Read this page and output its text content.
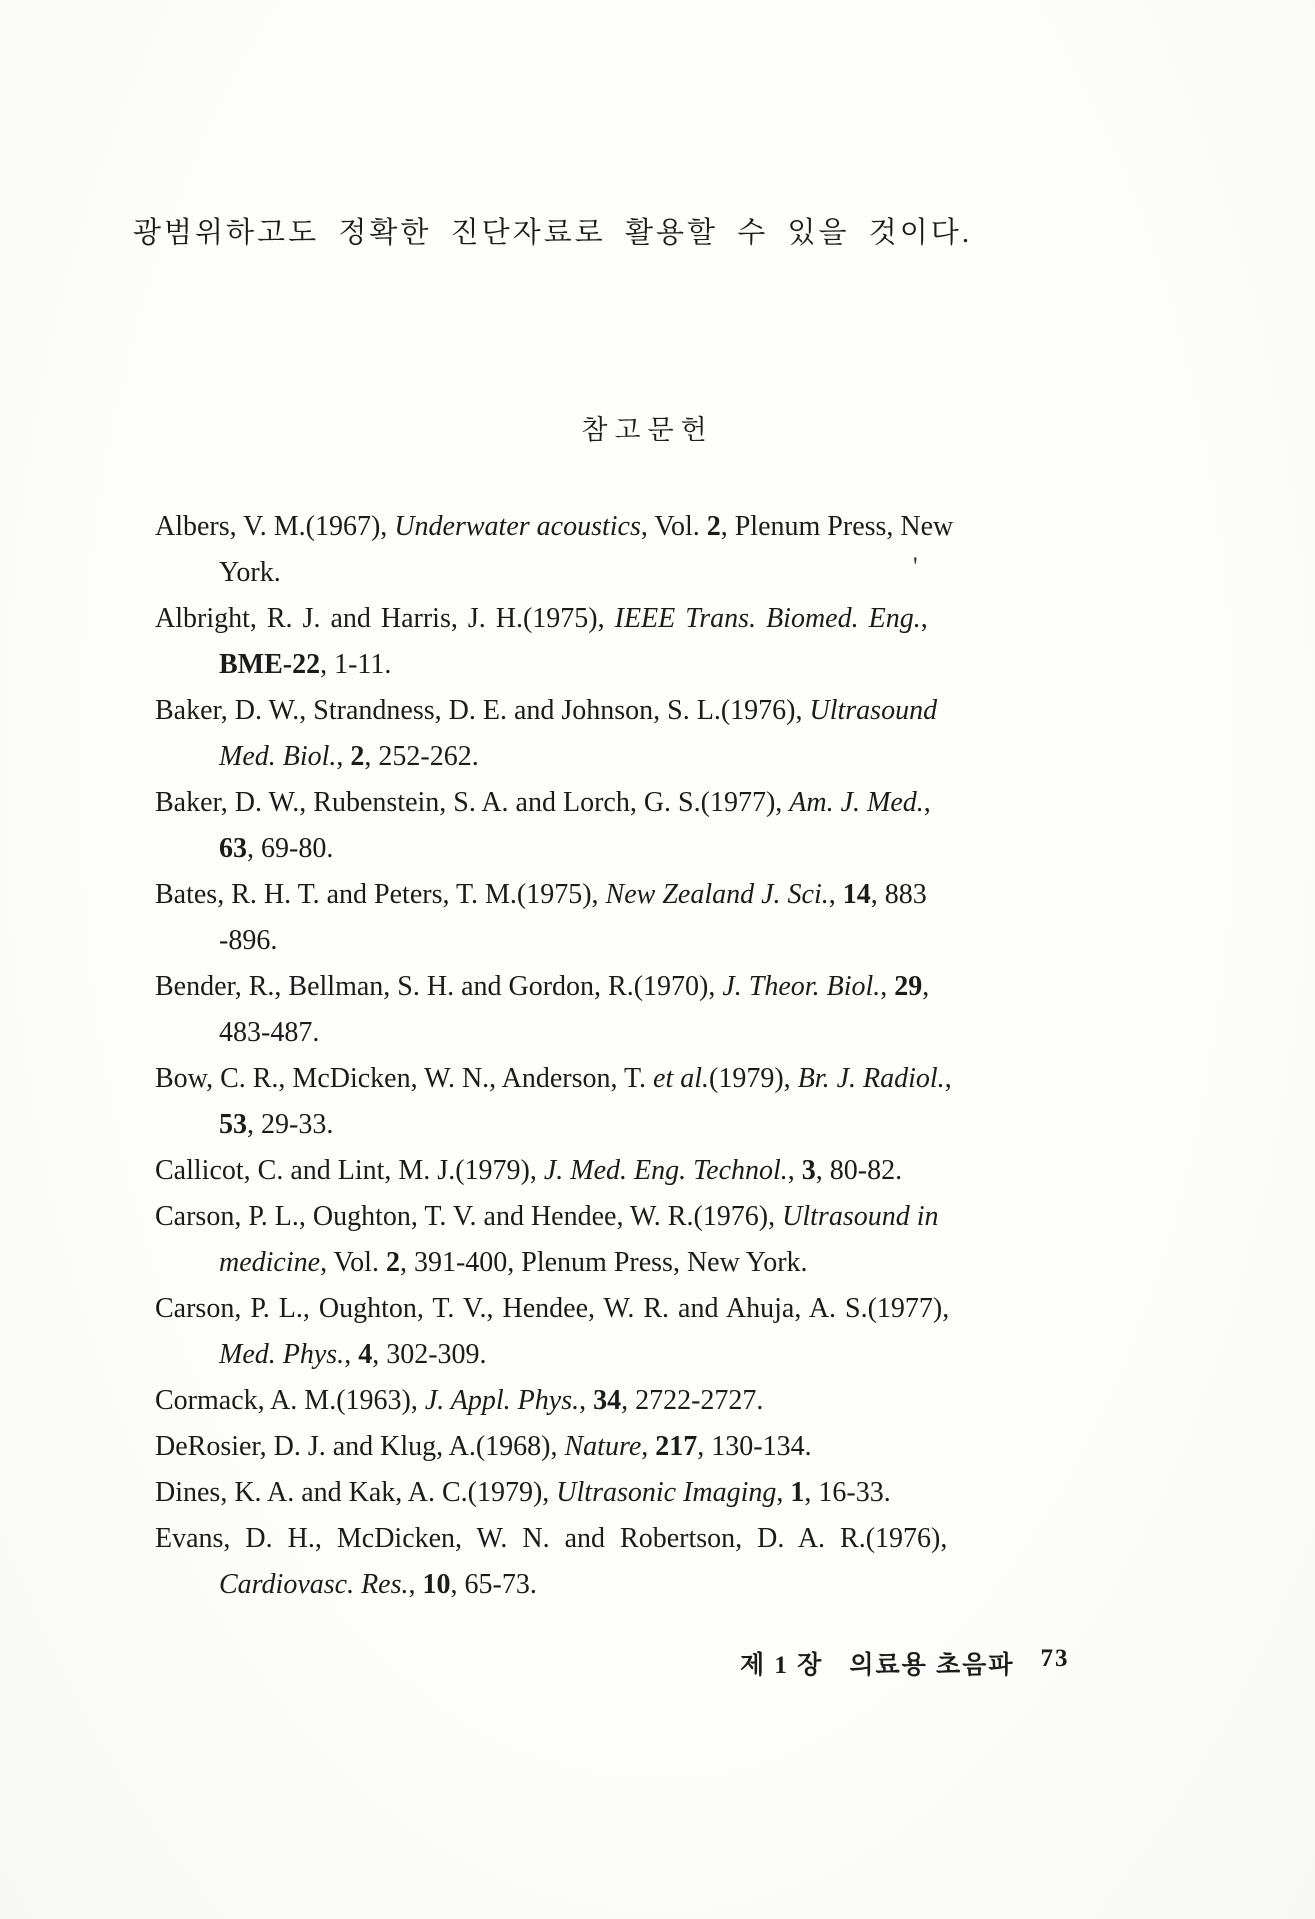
광범위하고도 정확한 진단자료로 활용할 수 있을 것이다.
참고문헌
Albers, V. M.(1967), Underwater acoustics, Vol. 2, Plenum Press, New
York.
Albright, R. J. and Harris, J. H.(1975), IEEE Trans. Biomed. Eng.,
BME-22, 1-11.
Baker, D. W., Strandness, D. E. and Johnson, S. L.(1976), Ultrasound
Med. Biol., 2, 252-262.
Baker, D. W., Rubenstein, S. A. and Lorch, G. S.(1977), Am. J. Med.,
63, 69-80.
Bates, R. H. T. and Peters, T. M.(1975), New Zealand J. Sci., 14, 883
-896.
Bender, R., Bellman, S. H. and Gordon, R.(1970), J. Theor. Biol., 29,
483-487.
Bow, C. R., McDicken, W. N., Anderson, T. et al.(1979), Br. J. Radiol.,
53, 29-33.
Callicot, C. and Lint, M. J.(1979), J. Med. Eng. Technol., 3, 80-82.
Carson, P. L., Oughton, T. V. and Hendee, W. R.(1976), Ultrasound in
medicine, Vol. 2, 391-400, Plenum Press, New York.
Carson, P. L., Oughton, T. V., Hendee, W. R. and Ahuja, A. S.(1977),
Med. Phys., 4, 302-309.
Cormack, A. M.(1963), J. Appl. Phys., 34, 2722-2727.
DeRosier, D. J. and Klug, A.(1968), Nature, 217, 130-134.
Dines, K. A. and Kak, A. C.(1979), Ultrasonic Imaging, 1, 16-33.
Evans, D. H., McDicken, W. N. and Robertson, D. A. R.(1976),
Cardiovasc. Res., 10, 65-73.
'
제 1 장 의료용 초음파 73
